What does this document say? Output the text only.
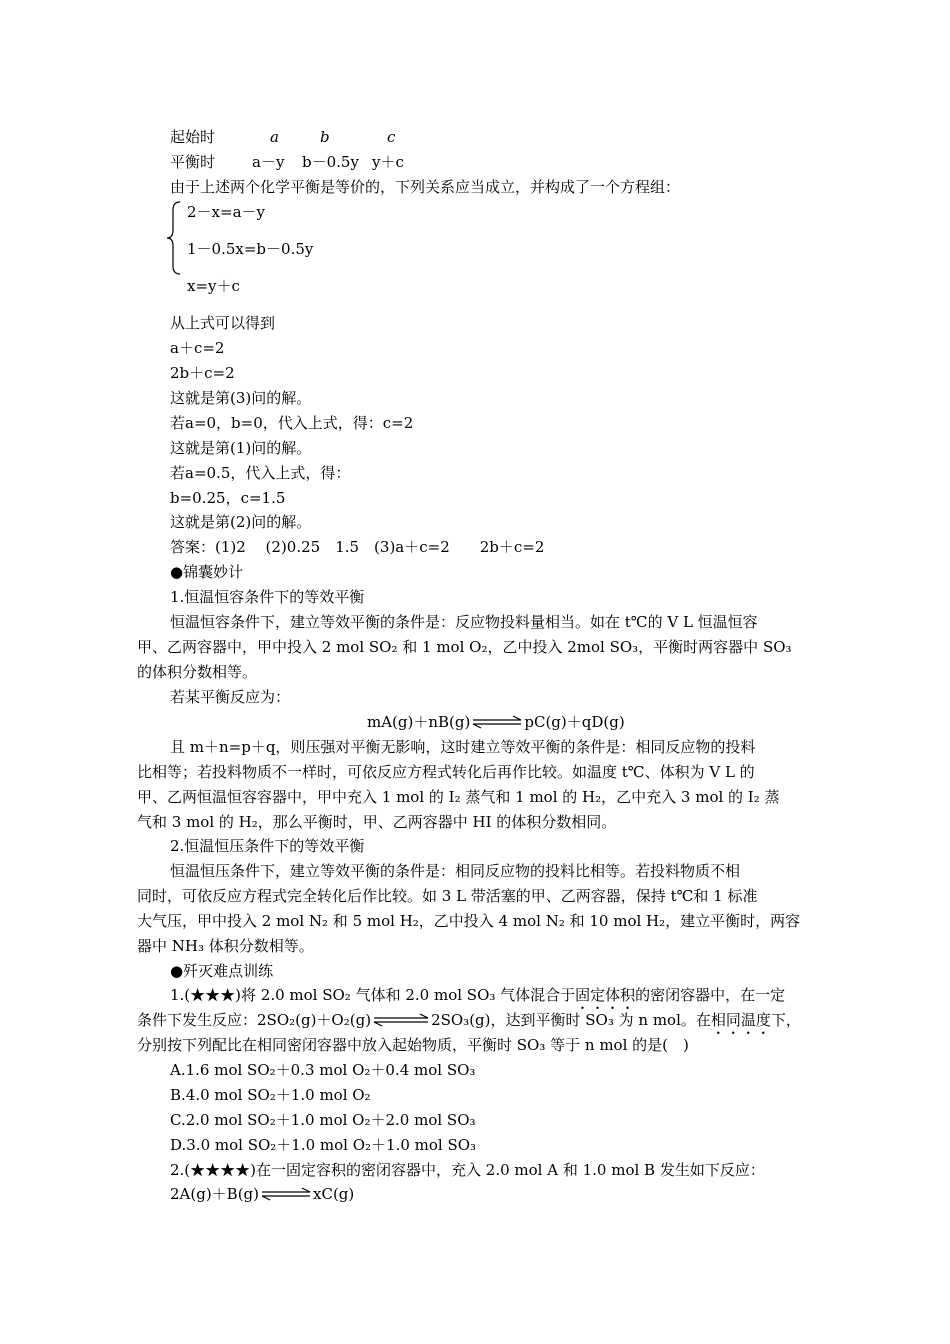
起始时	a	b	c
平衡时 a－y b－0.5y y＋c
由于上述两个化学平衡是等价的，下列关系应当成立，并构成了一个方程组：
2－x=a－y
1－0.5x=b－0.5y
x=y＋c
从上式可以得到
a＋c=2
2b＋c=2
这就是第(3)问的解。
若a=0，b=0，代入上式，得：c=2
这就是第(1)问的解。
若a=0.5，代入上式，得：
b=0.25，c=1.5
这就是第(2)问的解。
答案：(1)2　 (2)0.25　1.5　(3)a＋c=2　　2b＋c=2
●锦囊妙计
1.恒温恒容条件下的等效平衡
恒温恒容条件下，建立等效平衡的条件是：反应物投料量相当。如在 t℃的 V L 恒温恒容
甲、乙两容器中，甲中投入 2 mol SO₂ 和 1 mol O₂，乙中投入 2mol SO₃，平衡时两容器中 SO₃
的体积分数相等。
若某平衡反应为：
mA(g)＋nB(g)⇌pC(g)＋qD(g)
且 m＋n=p＋q，则压强对平衡无影响，这时建立等效平衡的条件是：相同反应物的投料
比相等；若投料物质不一样时，可依反应方程式转化后再作比较。如温度 t℃、体积为 V L 的
甲、乙两恒温恒容容器中，甲中充入 1 mol 的 I₂ 蒸气和 1 mol 的 H₂，乙中充入 3 mol 的 I₂ 蒸
气和 3 mol 的 H₂，那么平衡时，甲、乙两容器中 HI 的体积分数相同。
2.恒温恒压条件下的等效平衡
恒温恒压条件下，建立等效平衡的条件是：相同反应物的投料比相等。若投料物质不相
同时，可依反应方程式完全转化后作比较。如 3 L 带活塞的甲、乙两容器，保持 t℃和 1 标准
大气压，甲中投入 2 mol N₂ 和 5 mol H₂，乙中投入 4 mol N₂ 和 10 mol H₂，建立平衡时，两容
器中 NH₃ 体积分数相等。
●歼灭难点训练
1.(★★★)将 2.0 mol SO₂ 气体和 2.0 mol SO₃ 气体混合于固定体积的密闭容器中，在一定
条件下发生反应：2SO₂(g)＋O₂(g)⇌2SO₃(g)，达到平衡时 SO₃ 为 n mol。在相同温度下，
分别按下列配比在相同密闭容器中放入起始物质，平衡时 SO₃ 等于 n mol 的是(　)
A.1.6 mol SO₂＋0.3 mol O₂＋0.4 mol SO₃
B.4.0 mol SO₂＋1.0 mol O₂
C.2.0 mol SO₂＋1.0 mol O₂＋2.0 mol SO₃
D.3.0 mol SO₂＋1.0 mol O₂＋1.0 mol SO₃
2.(★★★★)在一固定容积的密闭容器中，充入 2.0 mol A 和 1.0 mol B 发生如下反应：
2A(g)＋B(g)⇌xC(g)
